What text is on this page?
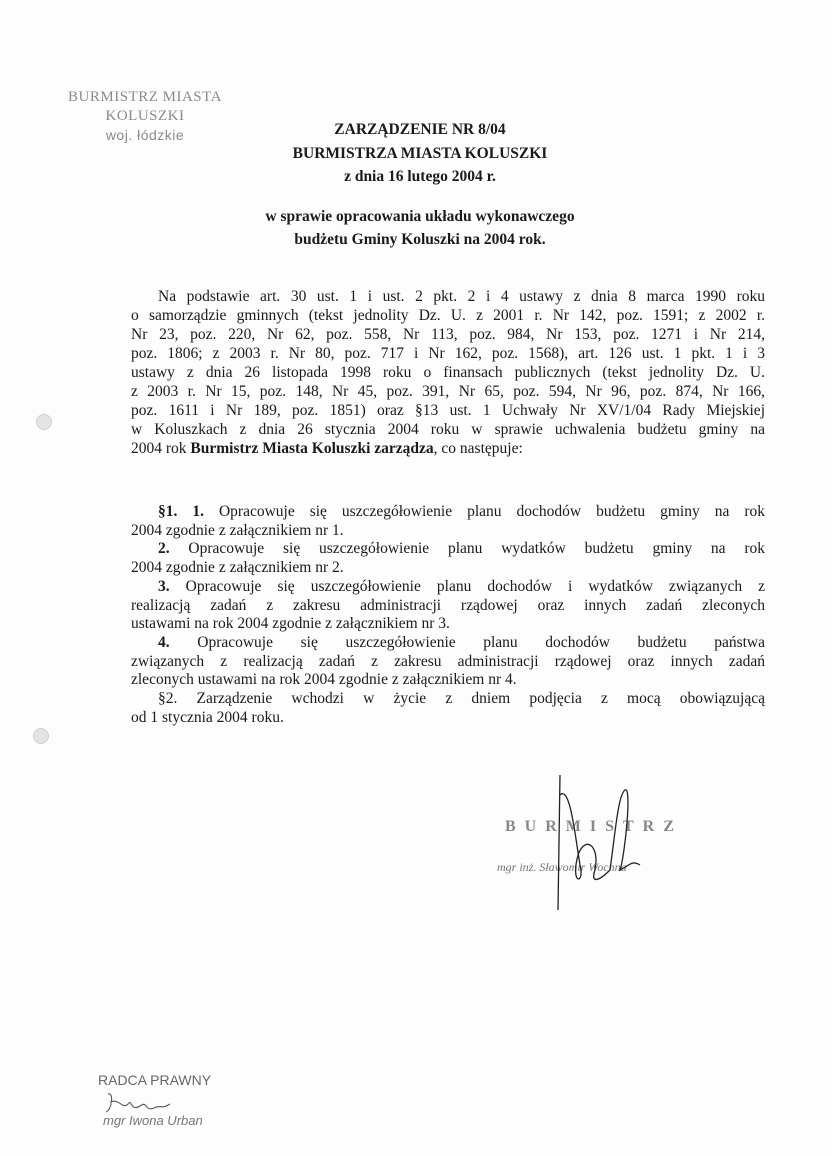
BURMISTRZ MIASTA
KOLUSZKI
woj. łódzkie	ZARZĄDZENIE NR 8/04
BURMISTRZA MIASTA KOLUSZKI
z dnia 16 lutego 2004 r.
w sprawie opracowania układu wykonawczego
budżetu Gminy Koluszki na 2004 rok.
Na podstawie art. 30 ust. 1 i ust. 2 pkt. 2 i 4 ustawy z dnia 8 marca 1990 roku
o samorządzie gminnych (tekst jednolity Dz. U. z 2001 r. Nr 142, poz. 1591; z 2002 r.
Nr 23, poz. 220, Nr 62, poz. 558, Nr 113, poz. 984, Nr 153, poz. 1271 i Nr 214,
poz. 1806; z 2003 r. Nr 80, poz. 717 i Nr 162, poz. 1568), art. 126 ust. 1 pkt. 1 i 3
ustawy z dnia 26 listopada 1998 roku o finansach publicznych (tekst jednolity Dz. U.
z 2003 r. Nr 15, poz. 148, Nr 45, poz. 391, Nr 65, poz. 594, Nr 96, poz. 874, Nr 166,
poz. 1611 i Nr 189, poz. 1851) oraz §13 ust. 1 Uchwały Nr XV/1/04 Rady Miejskiej
w Koluszkach z dnia 26 stycznia 2004 roku w sprawie uchwalenia budżetu gminy na
2004 rok Burmistrz Miasta Koluszki zarządza, co następuje:
§1. 1. Opracowuje się uszczegółowienie planu dochodów budżetu gminy na rok
2004 zgodnie z załącznikiem nr 1.
2. Opracowuje się uszczegółowienie planu wydatków budżetu gminy na rok
2004 zgodnie z załącznikiem nr 2.
3. Opracowuje się uszczegółowienie planu dochodów i wydatków związanych z
realizacją zadań z zakresu administracji rządowej oraz innych zadań zleconych
ustawami na rok 2004 zgodnie z załącznikiem nr 3.
4. Opracowuje się uszczegółowienie planu dochodów budżetu państwa
związanych z realizacją zadań z zakresu administracji rządowej oraz innych zadań
zleconych ustawami na rok 2004 zgodnie z załącznikiem nr 4.
§2. Zarządzenie wchodzi w życie z dniem podjęcia z mocą obowiązującą
od 1 stycznia 2004 roku.
BURMISTRZ
mgr inż. Sławomir Wochna
RADCA PRAWNY
mgr Iwona Urban
